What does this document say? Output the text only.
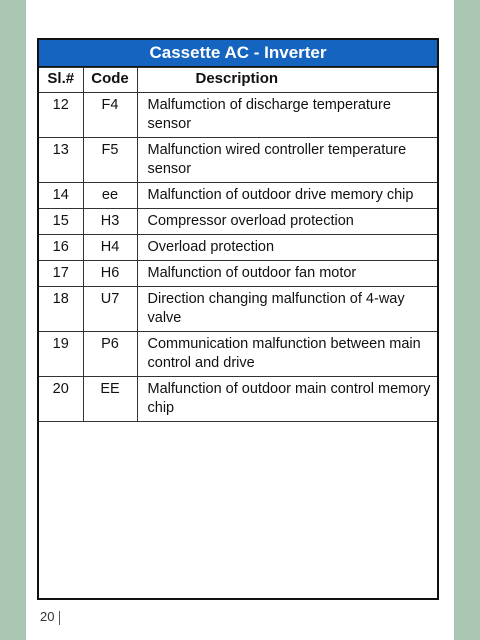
Cassette AC - Inverter
Sl.#	Code	Description
12	F4	Malfumction of discharge temperature sensor
13	F5	Malfunction wired controller temperature sensor
14	ee	Malfunction of outdoor drive memory chip
15	H3	Compressor overload protection
16	H4	Overload protection
17	H6	Malfunction of outdoor fan motor
18	U7	Direction changing malfunction of 4-way valve
19	P6	Communication malfunction between main control and drive
20	EE	Malfunction of outdoor main control memory chip
20
